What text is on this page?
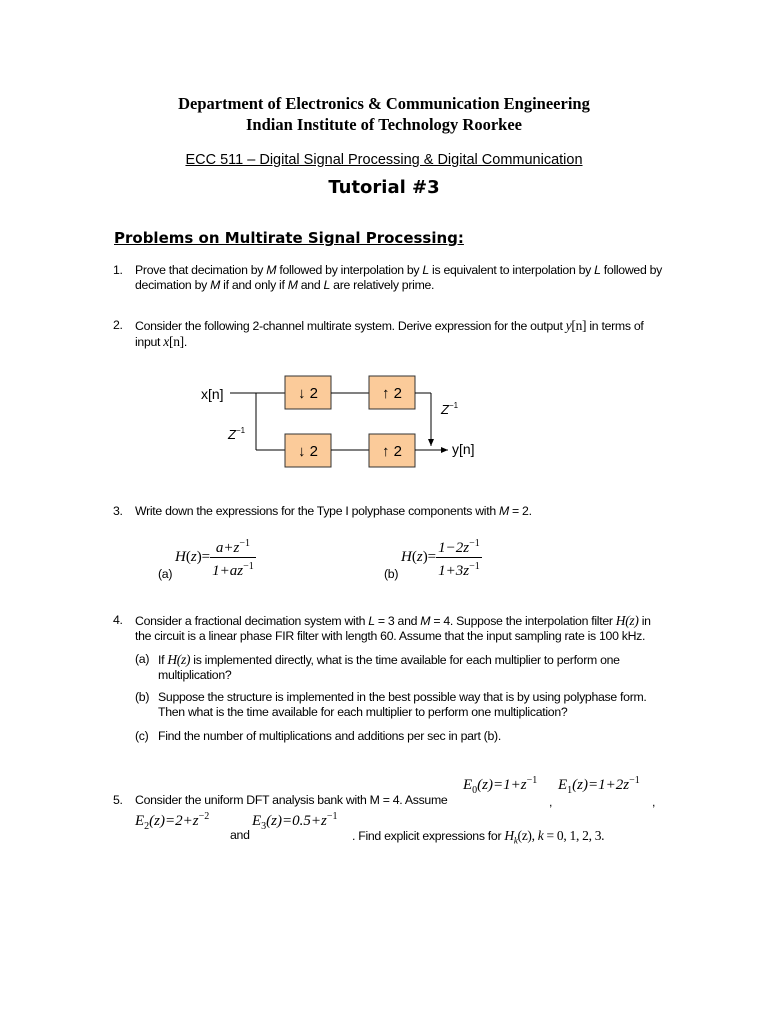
Department of Electronics & Communication Engineering
Indian Institute of Technology Roorkee
ECC 511 – Digital Signal Processing & Digital Communication
Tutorial #3
Problems on Multirate Signal Processing:
1.	Prove that decimation by M followed by interpolation by L is equivalent to interpolation by L followed by
decimation by M if and only if M and L are relatively prime.
2.	Consider the following 2-channel multirate system. Derive expression for the output y[n] in terms of
input x[n].
x[n]
$Z^{-1}$
↓ 2	↑ 2
$Z^{-1}$
↓ 2	↑ 2	y[n]
3.	Write down the expressions for the Type I polyphase components with M = 2.
$H(z)= \frac{a+z^{-1}}{1+az^{-1}}$
(a)
$H(z)= \frac{1-2z^{-1}}{1+3z^{-1}}$
(b)
4.	Consider a fractional decimation system with L = 3 and M = 4. Suppose the interpolation filter H(z) in
the circuit is a linear phase FIR filter with length 60. Assume that the input sampling rate is 100 kHz.
(a) If H(z) is implemented directly, what is the time available for each multiplier to perform one
multiplication?
(b) Suppose the structure is implemented in the best possible way that is by using polyphase form.
Then what is the time available for each multiplier to perform one multiplication?
(c) Find the number of multiplications and additions per sec in part (b).
$E_0(z)=1+z^{-1}$
,
$E_1(z)=1+2z^{-1}$
,
5.	Consider the uniform DFT analysis bank with M = 4. Assume
$E_2(z)=2+z^{-2}$
and
$E_3(z)=0.5+z^{-1}$
. Find explicit expressions for $H_k(z)$, k = 0, 1, 2, 3.
